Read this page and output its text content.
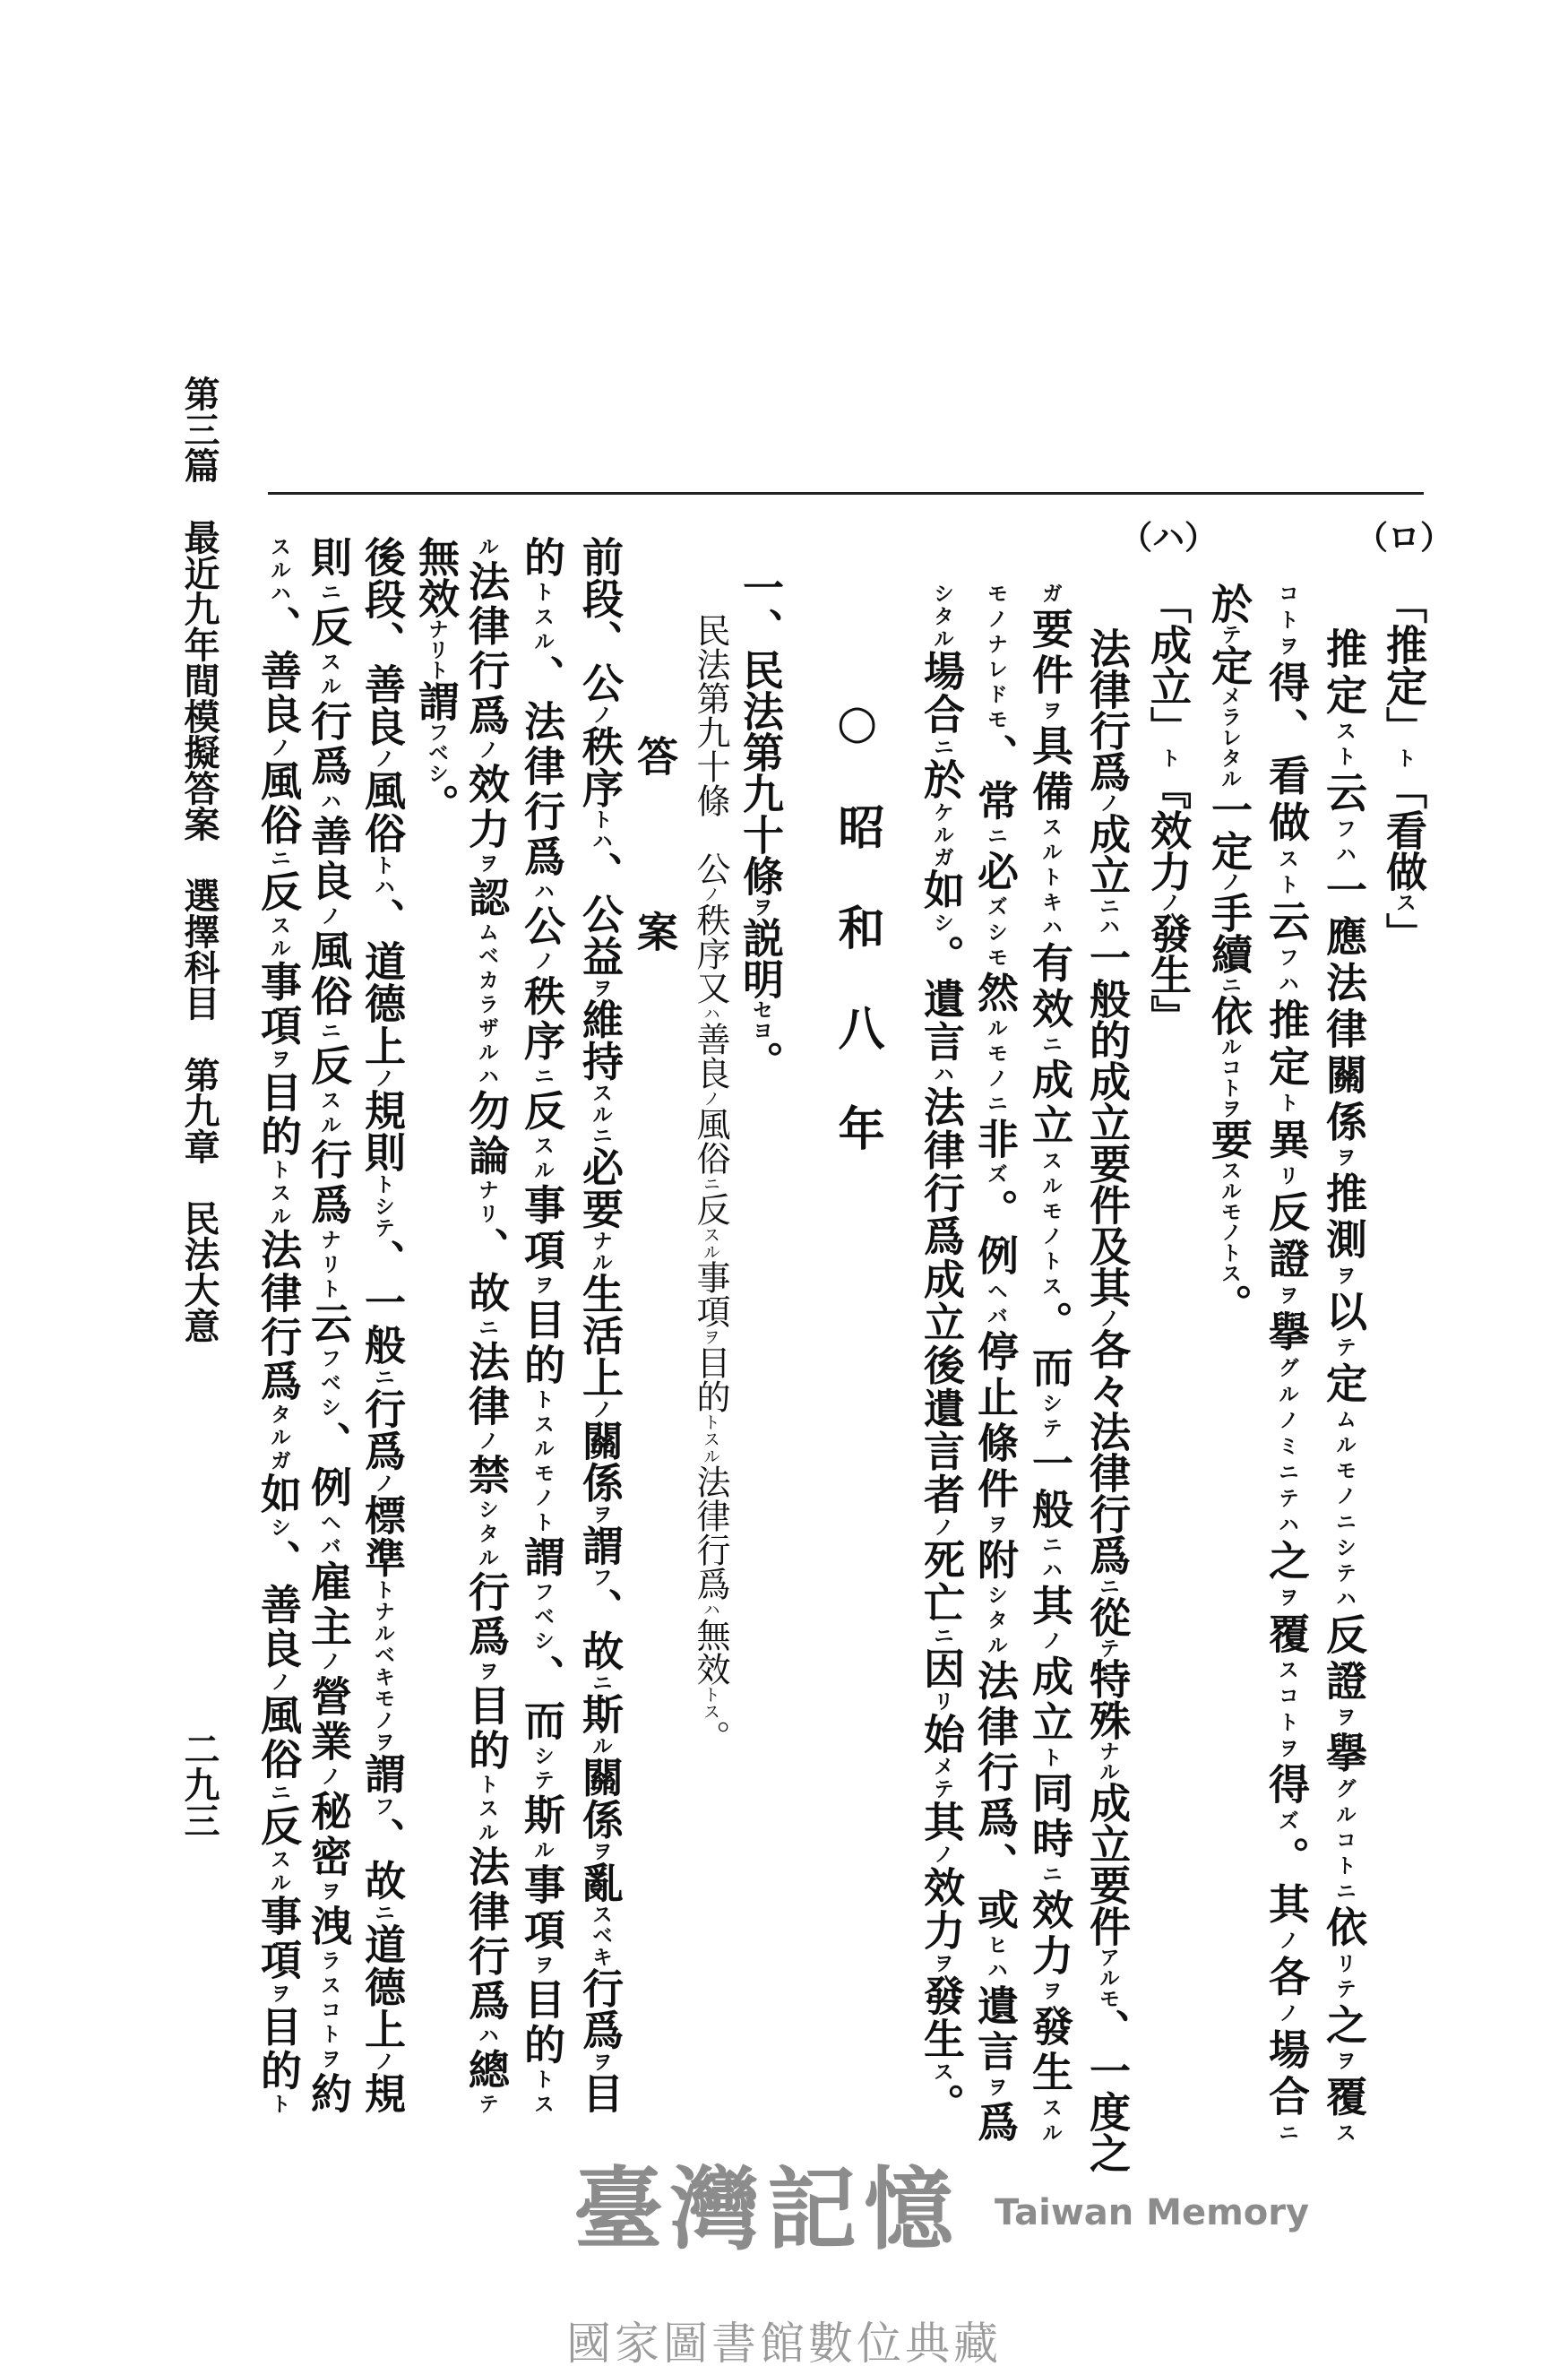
第三篇　最近九年間模擬答案　選擇科目　第九章　民法大意
二九三
（ロ）
「推定」ト「看做ス」
推定スト云フハ一應法律關係ヲ推測ヲ以テ定ムルモノニシテハ反證ヲ擧グルコトニ依リテ之ヲ覆ス
コトヲ得、看做スト云フハ推定ト異リ反證ヲ擧グルノミニテハ之ヲ覆スコトヲ得ズ。其ノ各ノ場合ニ
於テ定メラレタル一定ノ手續ニ依ルコトヲ要スルモノトス。
（ハ）
「成立」ト『效力ノ發生』
法律行爲ノ成立ニハ一般的成立要件及其ノ各々法律行爲ニ從テ特殊ナル成立要件アルモ、一度之
ガ要件ヲ具備スルトキハ有效ニ成立スルモノトス。而シテ一般ニハ其ノ成立ト同時ニ效力ヲ發生スル
モノナレドモ、常ニ必ズシモ然ルモノニ非ズ。例ヘバ停止條件ヲ附シタル法律行爲、或ヒハ遺言ヲ爲
シタル場合ニ於ケルガ如シ。遺言ハ法律行爲成立後遺言者ノ死亡ニ因リ始メテ其ノ效力ヲ發生ス。
○昭和八年
一、民法第九十條ヲ説明セヨ。
民法第九十條　公ノ秩序又ハ善良ノ風俗ニ反スル事項ヲ目的トスル法律行爲ハ無效トス。
答案
前段、公ノ秩序トハ、公益ヲ維持スルニ必要ナル生活上ノ關係ヲ謂フ、故ニ斯ル關係ヲ亂スベキ行爲ヲ目
的トスル、法律行爲ハ公ノ秩序ニ反スル事項ヲ目的トスルモノト謂フベシ、而シテ斯ル事項ヲ目的トス
ル法律行爲ノ效力ヲ認ムベカラザルハ勿論ナリ、故ニ法律ノ禁シタル行爲ヲ目的トスル法律行爲ハ總テ
無效ナリト謂フベシ。
後段、善良ノ風俗トハ、道德上ノ規則トシテ、一般ニ行爲ノ標準トナルベキモノヲ謂フ、故ニ道德上ノ規
則ニ反スル行爲ハ善良ノ風俗ニ反スル行爲ナリト云フベシ、例ヘバ雇主ノ營業ノ秘密ヲ洩ラスコトヲ約
スルハ、善良ノ風俗ニ反スル事項ヲ目的トスル法律行爲タルガ如シ、善良ノ風俗ニ反スル事項ヲ目的ト
臺灣記憶 Taiwan Memory
國家圖書館數位典藏
